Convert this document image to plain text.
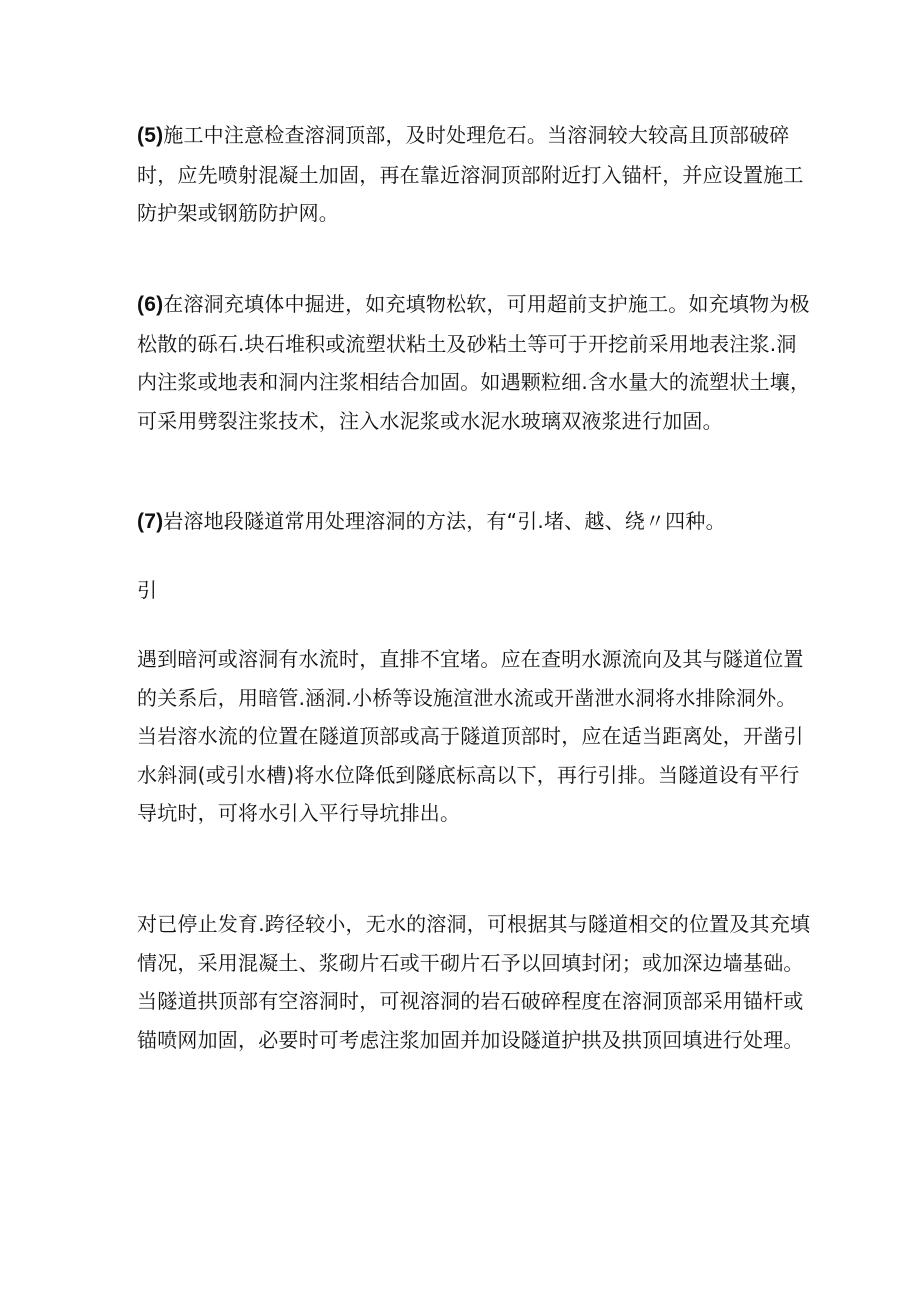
(5)施工中注意检查溶洞顶部，及时处理危石。当溶洞较大较高且顶部破碎时，应先喷射混凝土加固，再在靠近溶洞顶部附近打入锚杆，并应设置施工防护架或钢筋防护网。

(6)在溶洞充填体中掘进，如充填物松软，可用超前支护施工。如充填物为极松散的砾石.块石堆积或流塑状粘土及砂粘土等可于开挖前采用地表注浆.洞内注浆或地表和洞内注浆相结合加固。如遇颗粒细.含水量大的流塑状土壤，可采用劈裂注浆技术，注入水泥浆或水泥水玻璃双液浆进行加固。

(7)岩溶地段隧道常用处理溶洞的方法，有“引.堵、越、绕〃四种。

引

遇到暗河或溶洞有水流时，直排不宜堵。应在查明水源流向及其与隧道位置的关系后，用暗管.涵洞.小桥等设施渲泄水流或开凿泄水洞将水排除洞外。当岩溶水流的位置在隧道顶部或高于隧道顶部时，应在适当距离处，开凿引水斜洞(或引水槽)将水位降低到隧底标高以下，再行引排。当隧道设有平行导坑时，可将水引入平行导坑排出。

对已停止发育.跨径较小，无水的溶洞，可根据其与隧道相交的位置及其充填情况，采用混凝土、浆砌片石或干砌片石予以回填封闭；或加深边墙基础。当隧道拱顶部有空溶洞时，可视溶洞的岩石破碎程度在溶洞顶部采用锚杆或锚喷网加固，必要时可考虑注浆加固并加设隧道护拱及拱顶回填进行处理。
